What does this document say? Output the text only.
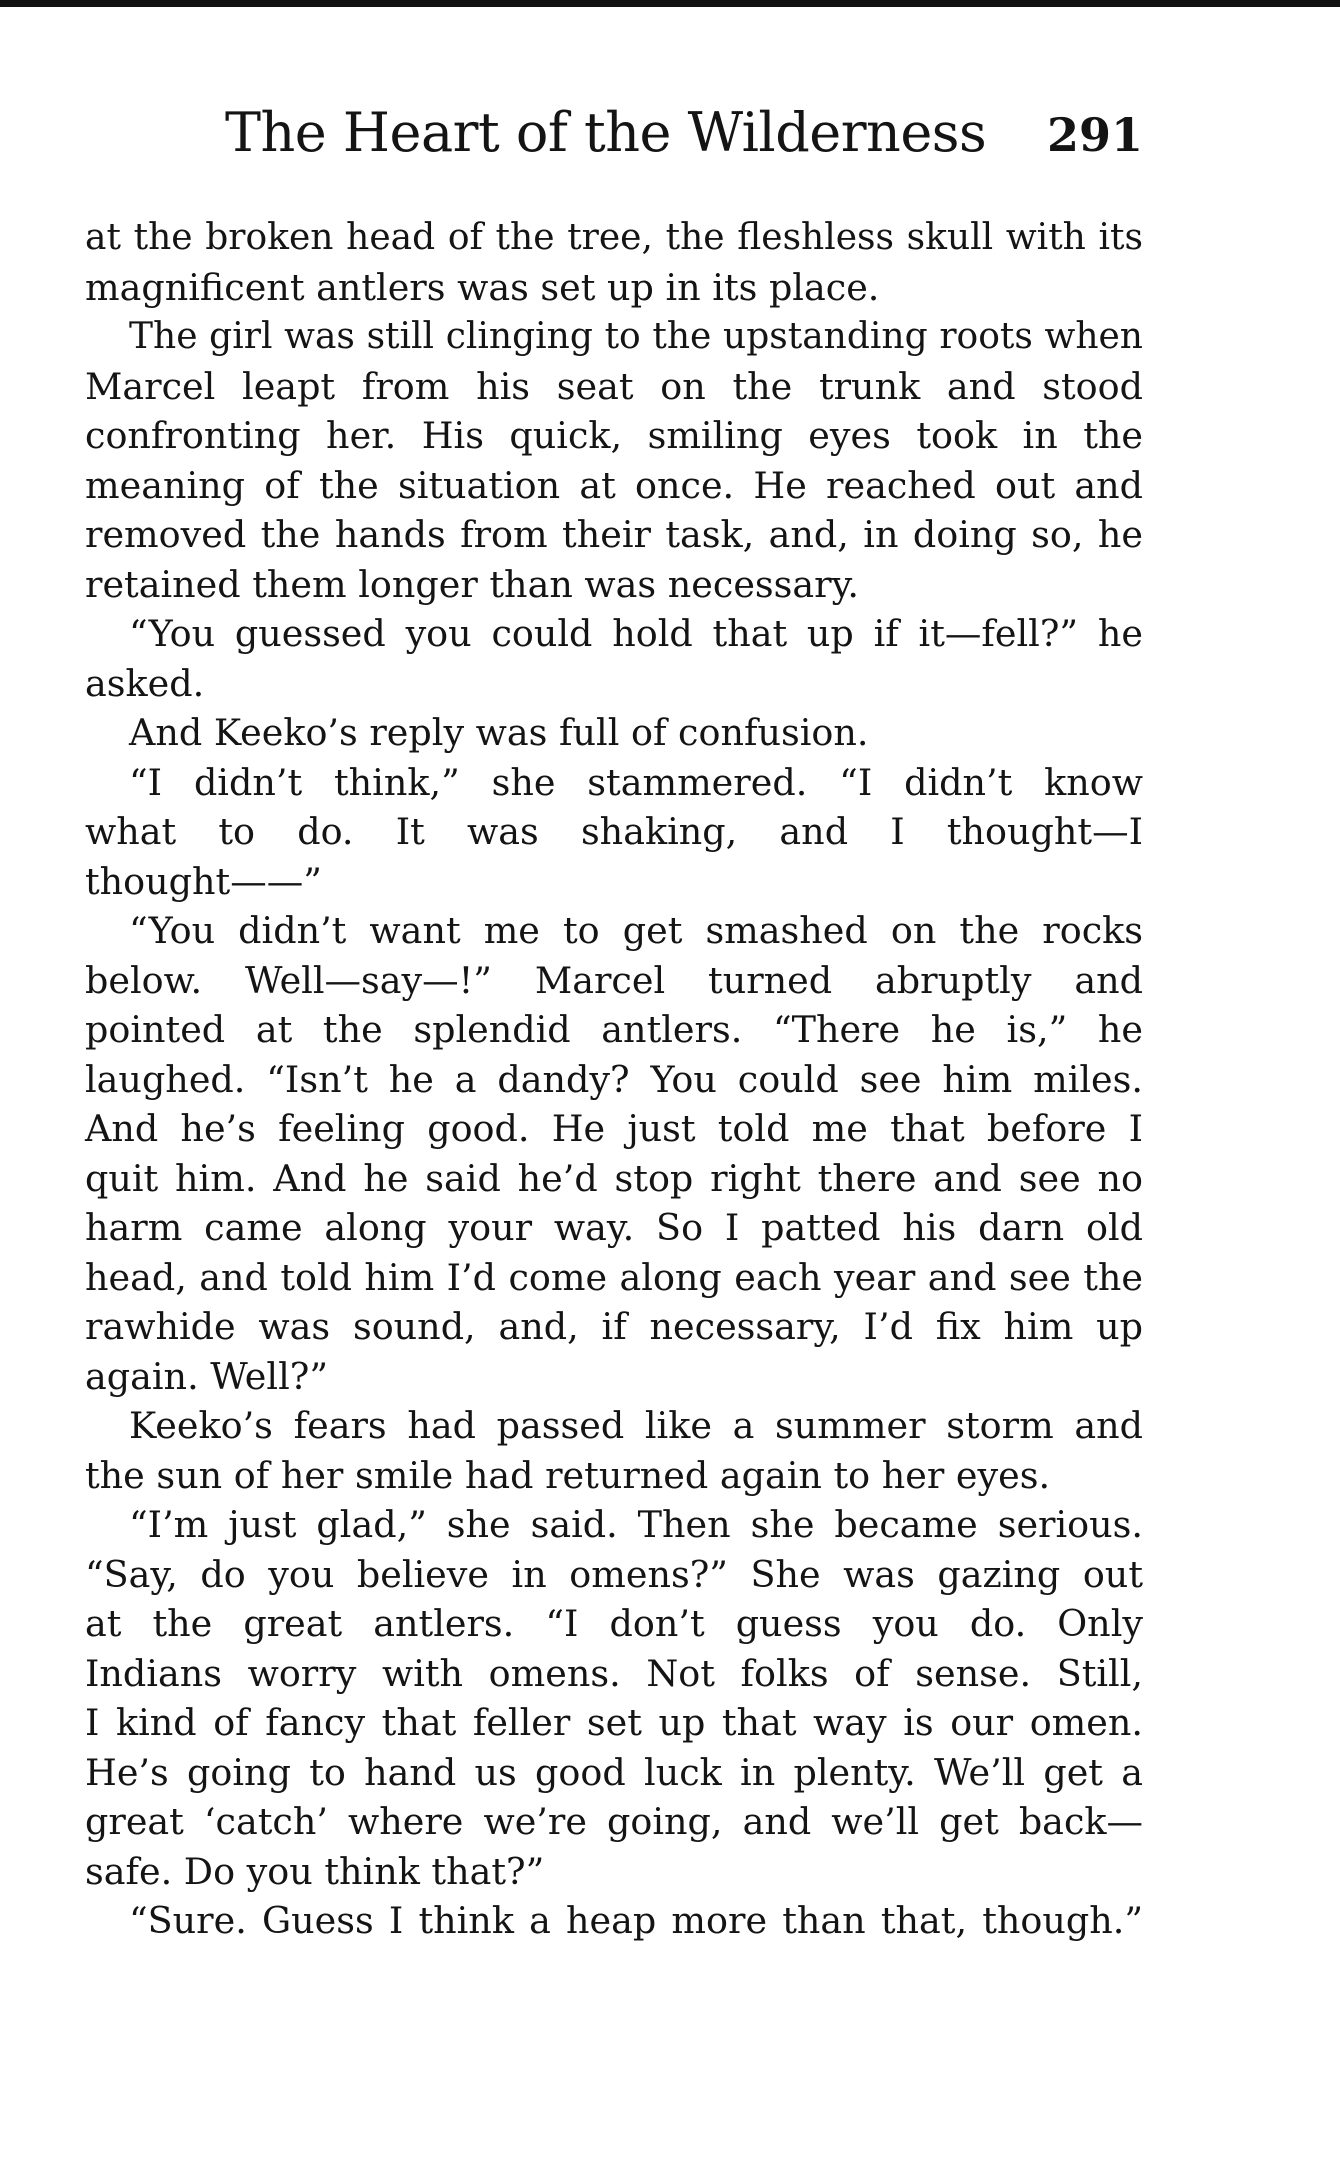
The Heart of the Wilderness 291
at the broken head of the tree, the fleshless skull with its
magnificent antlers was set up in its place.
The girl was still clinging to the upstanding roots when
Marcel leapt from his seat on the trunk and stood
confronting her. His quick, smiling eyes took in the
meaning of the situation at once. He reached out and
removed the hands from their task, and, in doing so, he
retained them longer than was necessary.
“You guessed you could hold that up if it—fell?” he
asked.
And Keeko’s reply was full of confusion.
“I didn’t think,” she stammered. “I didn’t know
what to do. It was shaking, and I thought—I
thought——”
“You didn’t want me to get smashed on the rocks
below. Well—say—!” Marcel turned abruptly and
pointed at the splendid antlers. “There he is,” he
laughed. “Isn’t he a dandy? You could see him miles.
And he’s feeling good. He just told me that before I
quit him. And he said he’d stop right there and see no
harm came along your way. So I patted his darn old
head, and told him I’d come along each year and see the
rawhide was sound, and, if necessary, I’d fix him up
again. Well?”
Keeko’s fears had passed like a summer storm and
the sun of her smile had returned again to her eyes.
“I’m just glad,” she said. Then she became serious.
“Say, do you believe in omens?” She was gazing out
at the great antlers. “I don’t guess you do. Only
Indians worry with omens. Not folks of sense. Still,
I kind of fancy that feller set up that way is our omen.
He’s going to hand us good luck in plenty. We’ll get a
great ‘catch’ where we’re going, and we’ll get back—
safe. Do you think that?”
“Sure. Guess I think a heap more than that, though.”
